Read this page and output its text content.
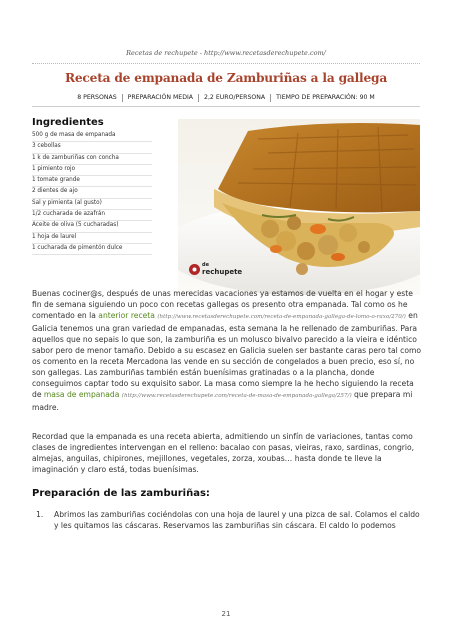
Recetas de rechupete - http://www.recetasderechupete.com/
Receta de empanada de Zamburiñas a la gallega
8 PERSONAS	PREPARACIÓN MEDIA	2,2 EURO/PERSONA	TIEMPO DE PREPARACIÓN: 90 M
Ingredientes
500 g de masa de empanada
3 cebollas
1 k de zamburiñas con concha
1 pimiento rojo
1 tomate grande
2 dientes de ajo
Sal y pimienta (al gusto)
1/2 cucharada de azafrán
Aceite de oliva (5 cucharadas)
1 hoja de laurel
1 cucharada de pimentón dulce
de
rechupete
Buenas cociner@s, después de unas merecidas vacaciones ya estamos de vuelta en el hogar y este fin de semana siguiendo un poco con recetas gallegas os presento otra empanada. Tal como os he comentado en la anterior receta (http://www.recetasderechupete.com/receta-de-empanada-gallega-de-lomo-o-raxo/270/) en Galicia tenemos una gran variedad de empanadas, esta semana la he rellenado de zamburiñas. Para aquellos que no sepais lo que son, la zamburiña es un molusco bivalvo parecido a la vieira e idéntico sabor pero de menor tamaño. Debido a su escasez en Galicia suelen ser bastante caras pero tal como os comento en la receta Mercadona las vende en su sección de congelados a buen precio, eso sí, no son gallegas. Las zamburiñas también están buenísimas gratinadas o a la plancha, donde conseguimos captar todo su exquisito sabor. La masa como siempre la he hecho siguiendo la receta de masa de empanada (http://www.recetasderechupete.com/receta-de-masa-de-empanada-gallega/257/) que prepara mi madre.
Recordad que la empanada es una receta abierta, admitiendo un sinfín de variaciones, tantas como clases de ingredientes intervengan en el relleno: bacalao con pasas, vieiras, raxo, sardinas, congrio, almejas, anguilas, chipirones, mejillones, vegetales, zorza, xoubas… hasta donde te lleve la imaginación y claro está, todas buenísimas.
Preparación de las zamburiñas:
1.	Abrimos las zamburiñas cociéndolas con una hoja de laurel y una pizca de sal. Colamos el caldo y les quitamos las cáscaras. Reservamos las zamburiñas sin cáscara. El caldo lo podemos
21
